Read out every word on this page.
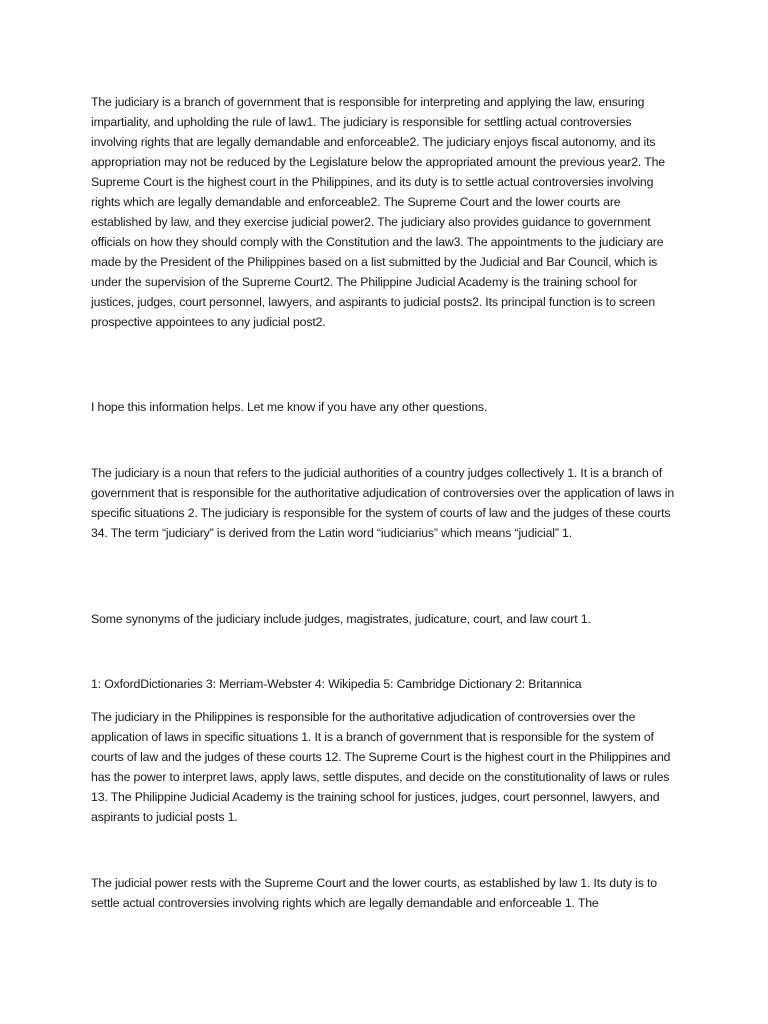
The judiciary is a branch of government that is responsible for interpreting and applying the law, ensuring impartiality, and upholding the rule of law1. The judiciary is responsible for settling actual controversies involving rights that are legally demandable and enforceable2. The judiciary enjoys fiscal autonomy, and its appropriation may not be reduced by the Legislature below the appropriated amount the previous year2. The Supreme Court is the highest court in the Philippines, and its duty is to settle actual controversies involving rights which are legally demandable and enforceable2. The Supreme Court and the lower courts are established by law, and they exercise judicial power2. The judiciary also provides guidance to government officials on how they should comply with the Constitution and the law3. The appointments to the judiciary are made by the President of the Philippines based on a list submitted by the Judicial and Bar Council, which is under the supervision of the Supreme Court2. The Philippine Judicial Academy is the training school for justices, judges, court personnel, lawyers, and aspirants to judicial posts2. Its principal function is to screen prospective appointees to any judicial post2.

I hope this information helps. Let me know if you have any other questions.

The judiciary is a noun that refers to the judicial authorities of a country judges collectively 1. It is a branch of government that is responsible for the authoritative adjudication of controversies over the application of laws in specific situations 2. The judiciary is responsible for the system of courts of law and the judges of these courts 34. The term “judiciary” is derived from the Latin word “iudiciarius” which means “judicial” 1.

Some synonyms of the judiciary include judges, magistrates, judicature, court, and law court 1.

1: OxfordDictionaries 3: Merriam-Webster 4: Wikipedia 5: Cambridge Dictionary 2: Britannica

The judiciary in the Philippines is responsible for the authoritative adjudication of controversies over the application of laws in specific situations 1. It is a branch of government that is responsible for the system of courts of law and the judges of these courts 12. The Supreme Court is the highest court in the Philippines and has the power to interpret laws, apply laws, settle disputes, and decide on the constitutionality of laws or rules 13. The Philippine Judicial Academy is the training school for justices, judges, court personnel, lawyers, and aspirants to judicial posts 1.

The judicial power rests with the Supreme Court and the lower courts, as established by law 1. Its duty is to settle actual controversies involving rights which are legally demandable and enforceable 1. The
